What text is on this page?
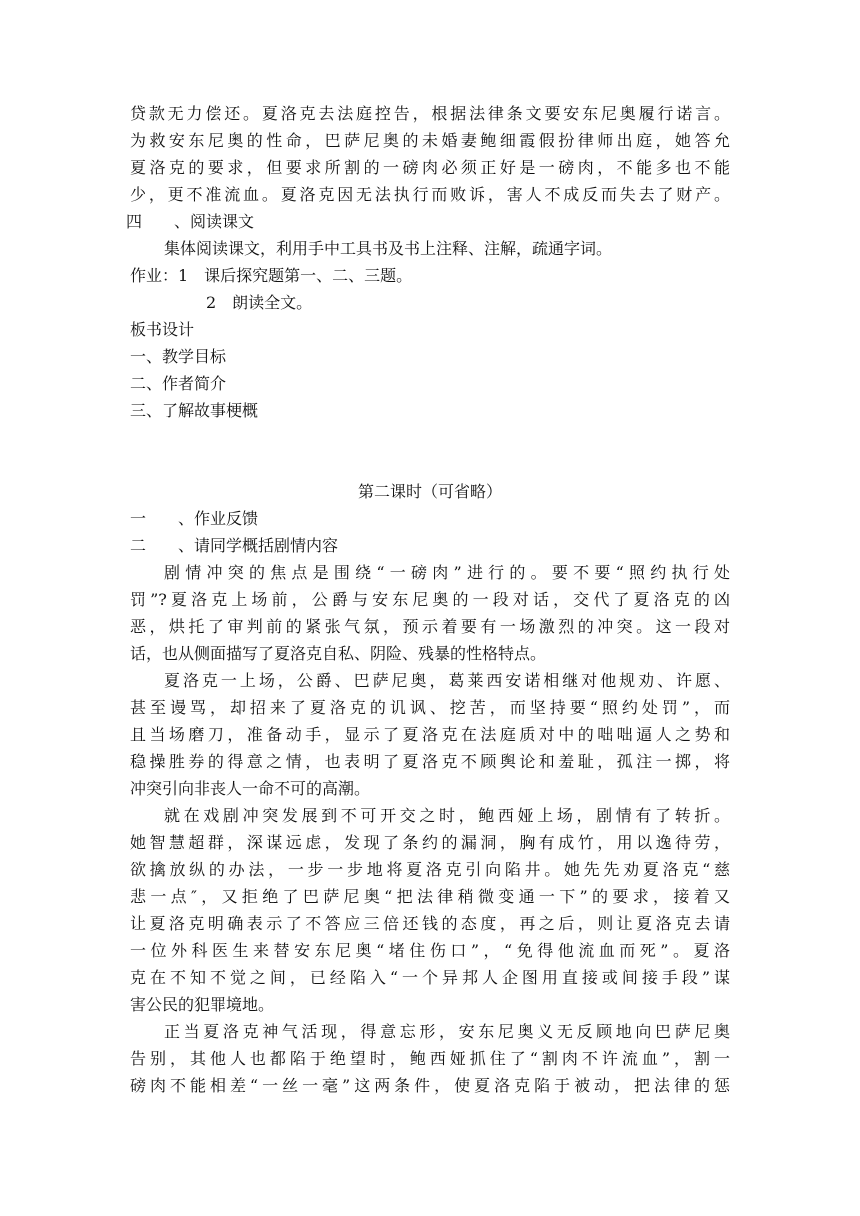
贷款无力偿还。夏洛克去法庭控告，根据法律条文要安东尼奥履行诺言。
为救安东尼奥的性命，巴萨尼奥的未婚妻鲍细霞假扮律师出庭，她答允
夏洛克的要求，但要求所割的一磅肉必须正好是一磅肉，不能多也不能
少，更不准流血。夏洛克因无法执行而败诉，害人不成反而失去了财产。
四　　、阅读课文
集体阅读课文，利用手中工具书及书上注释、注解，疏通字词。
作业：1　课后探究题第一、二、三题。
2　朗读全文。
板书设计
一、教学目标
二、作者简介
三、了解故事梗概
第二课时（可省略）
一　　、作业反馈
二　　、请同学概括剧情内容
剧情冲突的焦点是围绕“一磅肉”进行的。要不要“照约执行处
罚”?夏洛克上场前，公爵与安东尼奥的一段对话，交代了夏洛克的凶
恶，烘托了审判前的紧张气氛，预示着要有一场激烈的冲突。这一段对
话，也从侧面描写了夏洛克自私、阴险、残暴的性格特点。
夏洛克一上场，公爵、巴萨尼奥，葛莱西安诺相继对他规劝、许愿、
甚至谩骂，却招来了夏洛克的讥讽、挖苦，而坚持要“照约处罚”，而
且当场磨刀，准备动手，显示了夏洛克在法庭质对中的咄咄逼人之势和
稳操胜券的得意之情，也表明了夏洛克不顾舆论和羞耻，孤注一掷，将
冲突引向非丧人一命不可的高潮。
就在戏剧冲突发展到不可开交之时，鲍西娅上场，剧情有了转折。
她智慧超群，深谋远虑，发现了条约的漏洞，胸有成竹，用以逸待劳，
欲擒放纵的办法，一步一步地将夏洛克引向陷井。她先先劝夏洛克“慈
悲一点″，又拒绝了巴萨尼奥“把法律稍微变通一下”的要求，接着又
让夏洛克明确表示了不答应三倍还钱的态度，再之后，则让夏洛克去请
一位外科医生来替安东尼奥“堵住伤口”，“免得他流血而死”。夏洛
克在不知不觉之间，已经陷入“一个异邦人企图用直接或间接手段”谋
害公民的犯罪境地。
正当夏洛克神气活现，得意忘形，安东尼奥义无反顾地向巴萨尼奥
告别，其他人也都陷于绝望时，鲍西娅抓住了“割肉不许流血”，割一
磅肉不能相差“一丝一毫”这两条件，使夏洛克陷于被动，把法律的惩
